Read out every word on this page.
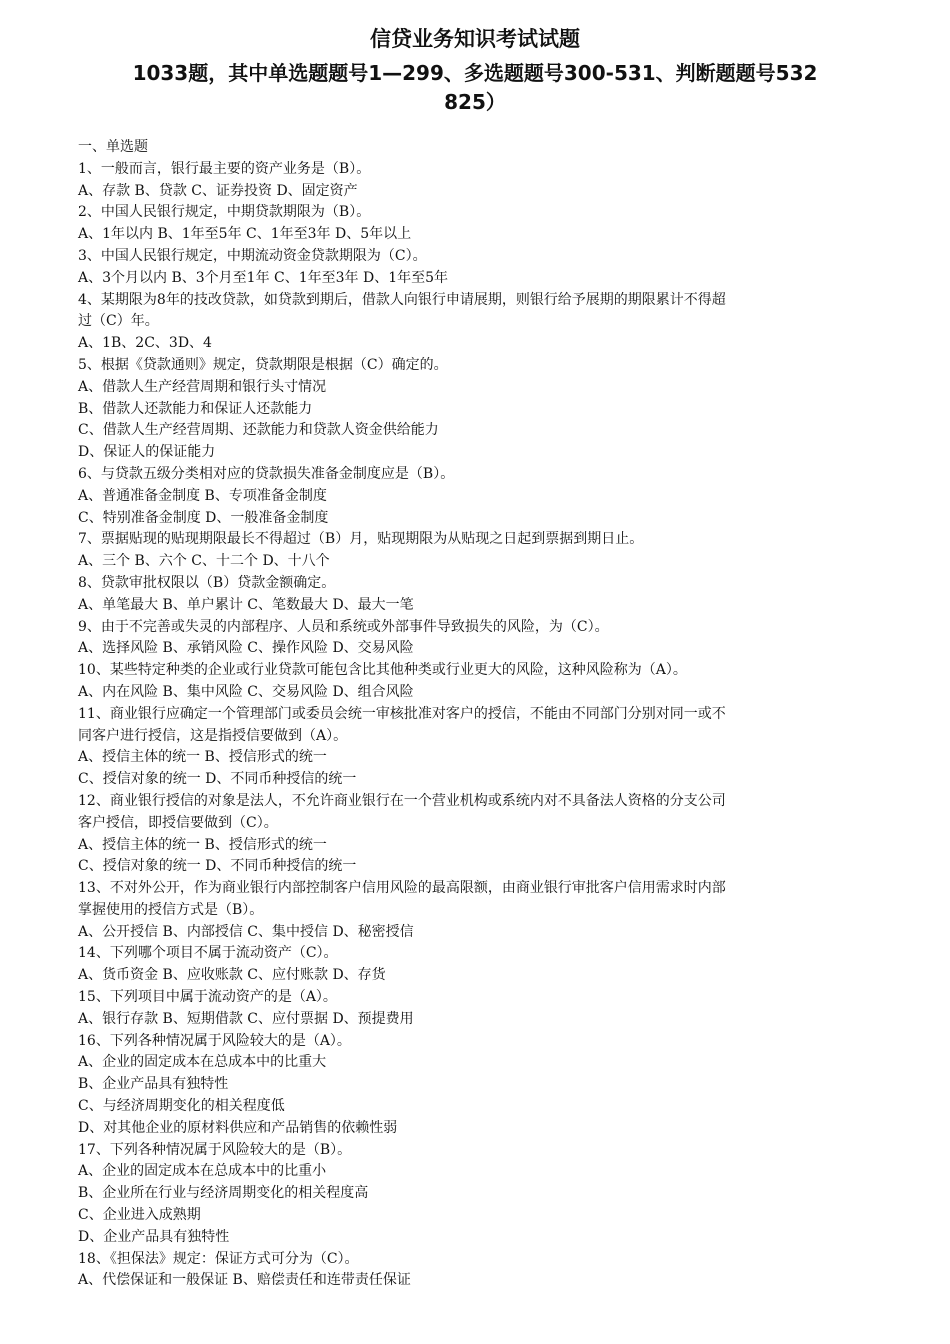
信贷业务知识考试试题
1033题，其中单选题题号1—299、多选题题号300-531、判断题题号532
825）
一、单选题
1、一般而言，银行最主要的资产业务是（B）。
A、存款 B、贷款 C、证券投资 D、固定资产
2、中国人民银行规定，中期贷款期限为（B）。
A、1年以内 B、1年至5年 C、1年至3年 D、5年以上
3、中国人民银行规定，中期流动资金贷款期限为（C）。
A、3个月以内 B、3个月至1年 C、1年至3年 D、1年至5年
4、某期限为8年的技改贷款，如贷款到期后，借款人向银行申请展期，则银行给予展期的期限累计不得超
过（C）年。
A、1B、2C、3D、4
5、根据《贷款通则》规定，贷款期限是根据（C）确定的。
A、借款人生产经营周期和银行头寸情况
B、借款人还款能力和保证人还款能力
C、借款人生产经营周期、还款能力和贷款人资金供给能力
D、保证人的保证能力
6、与贷款五级分类相对应的贷款损失准备金制度应是（B）。
A、普通准备金制度 B、专项准备金制度
C、特别准备金制度 D、一般准备金制度
7、票据贴现的贴现期限最长不得超过（B）月，贴现期限为从贴现之日起到票据到期日止。
A、三个 B、六个 C、十二个 D、十八个
8、贷款审批权限以（B）贷款金额确定。
A、单笔最大 B、单户累计 C、笔数最大 D、最大一笔
9、由于不完善或失灵的内部程序、人员和系统或外部事件导致损失的风险，为（C）。
A、选择风险 B、承销风险 C、操作风险 D、交易风险
10、某些特定种类的企业或行业贷款可能包含比其他种类或行业更大的风险，这种风险称为（A）。
A、内在风险 B、集中风险 C、交易风险 D、组合风险
11、商业银行应确定一个管理部门或委员会统一审核批准对客户的授信，不能由不同部门分别对同一或不
同客户进行授信，这是指授信要做到（A）。
A、授信主体的统一 B、授信形式的统一
C、授信对象的统一 D、不同币种授信的统一
12、商业银行授信的对象是法人，不允许商业银行在一个营业机构或系统内对不具备法人资格的分支公司
客户授信，即授信要做到（C）。
A、授信主体的统一 B、授信形式的统一
C、授信对象的统一 D、不同币种授信的统一
13、不对外公开，作为商业银行内部控制客户信用风险的最高限额，由商业银行审批客户信用需求时内部
掌握使用的授信方式是（B）。
A、公开授信 B、内部授信 C、集中授信 D、秘密授信
14、下列哪个项目不属于流动资产（C）。
A、货币资金 B、应收账款 C、应付账款 D、存货
15、下列项目中属于流动资产的是（A）。
A、银行存款 B、短期借款 C、应付票据 D、预提费用
16、下列各种情况属于风险较大的是（A）。
A、企业的固定成本在总成本中的比重大
B、企业产品具有独特性
C、与经济周期变化的相关程度低
D、对其他企业的原材料供应和产品销售的依赖性弱
17、下列各种情况属于风险较大的是（B）。
A、企业的固定成本在总成本中的比重小
B、企业所在行业与经济周期变化的相关程度高
C、企业进入成熟期
D、企业产品具有独特性
18、《担保法》规定：保证方式可分为（C）。
A、代偿保证和一般保证 B、赔偿责任和连带责任保证
